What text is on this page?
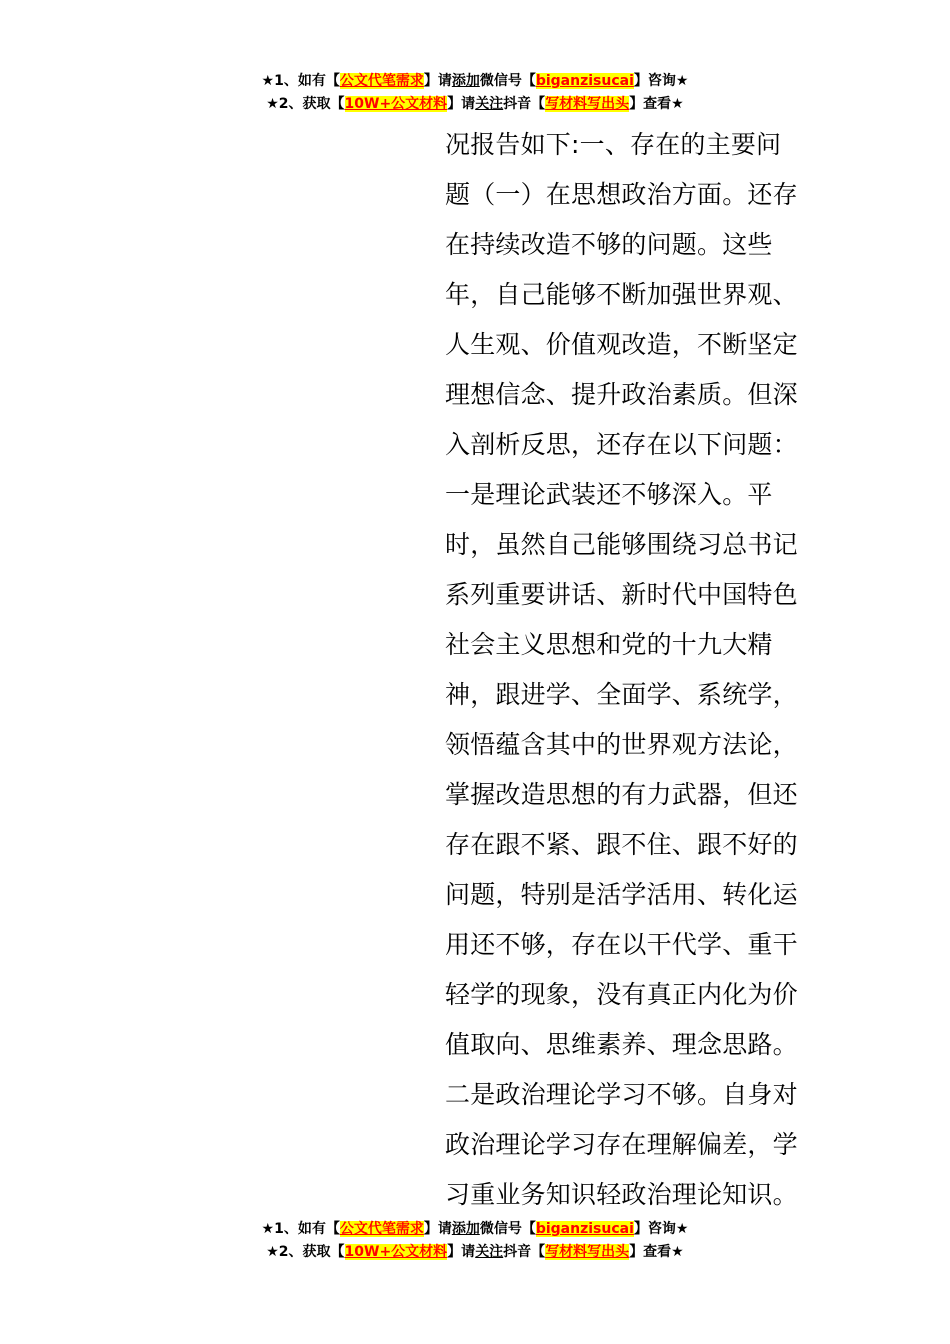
★1、如有【公文代笔需求】请添加微信号【biganzisucai】咨询★
★2、获取【10W+公文材料】请关注抖音【写材料写出头】查看★
况报告如下:一、存在的主要问
题（一）在思想政治方面。还存
在持续改造不够的问题。这些
年，自己能够不断加强世界观、
人生观、价值观改造，不断坚定
理想信念、提升政治素质。但深
入剖析反思，还存在以下问题：
一是理论武装还不够深入。平
时，虽然自己能够围绕习总书记
系列重要讲话、新时代中国特色
社会主义思想和党的十九大精
神，跟进学、全面学、系统学，
领悟蕴含其中的世界观方法论，
掌握改造思想的有力武器，但还
存在跟不紧、跟不住、跟不好的
问题，特别是活学活用、转化运
用还不够，存在以干代学、重干
轻学的现象，没有真正内化为价
值取向、思维素养、理念思路。
二是政治理论学习不够。自身对
政治理论学习存在理解偏差，学
习重业务知识轻政治理论知识。
★1、如有【公文代笔需求】请添加微信号【biganzisucai】咨询★
★2、获取【10W+公文材料】请关注抖音【写材料写出头】查看★
